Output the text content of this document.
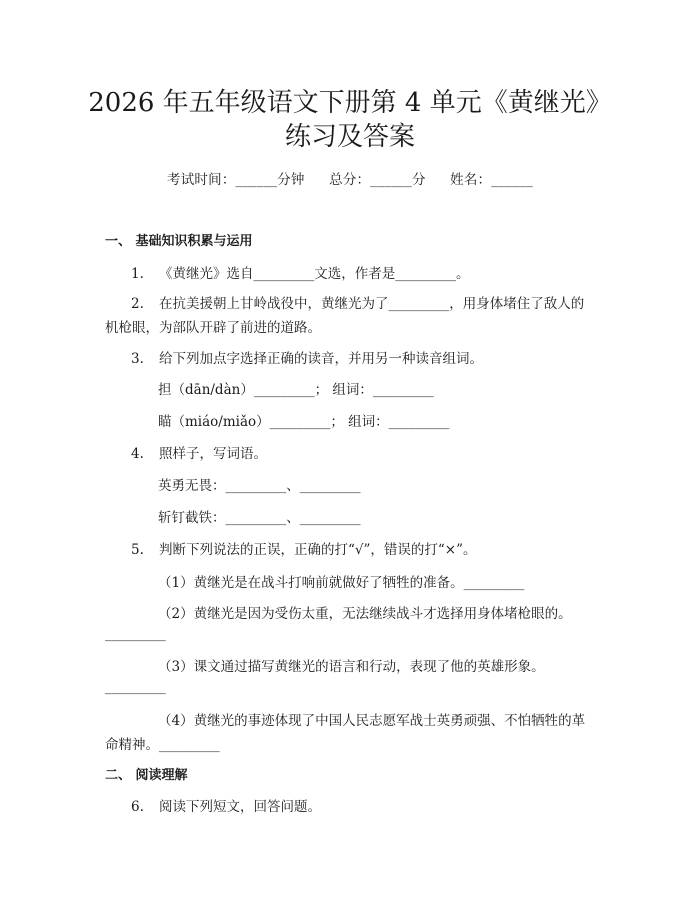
2026 年五年级语文下册第 4 单元《黄继光》
练习及答案
考试时间：______分钟 总分：______分 姓名：______
一、 基础知识积累与运用
1. 《黄继光》选自_________文选，作者是_________。
2. 在抗美援朝上甘岭战役中，黄继光为了_________，用身体堵住了敌人的
机枪眼，为部队开辟了前进的道路。
3. 给下列加点字选择正确的读音，并用另一种读音组词。
担（dān/dàn）_________； 组词：_________
瞄（miáo/miǎo）_________； 组词：_________
4. 照样子，写词语。
英勇无畏：_________、_________
斩钉截铁：_________、_________
5. 判断下列说法的正误，正确的打“√”，错误的打“×”。
（1）黄继光是在战斗打响前就做好了牺牲的准备。_________
（2）黄继光是因为受伤太重，无法继续战斗才选择用身体堵枪眼的。
_________
（3）课文通过描写黄继光的语言和行动，表现了他的英雄形象。
_________
（4）黄继光的事迹体现了中国人民志愿军战士英勇顽强、不怕牺牲的革
命精神。_________
二、 阅读理解
6. 阅读下列短文，回答问题。
